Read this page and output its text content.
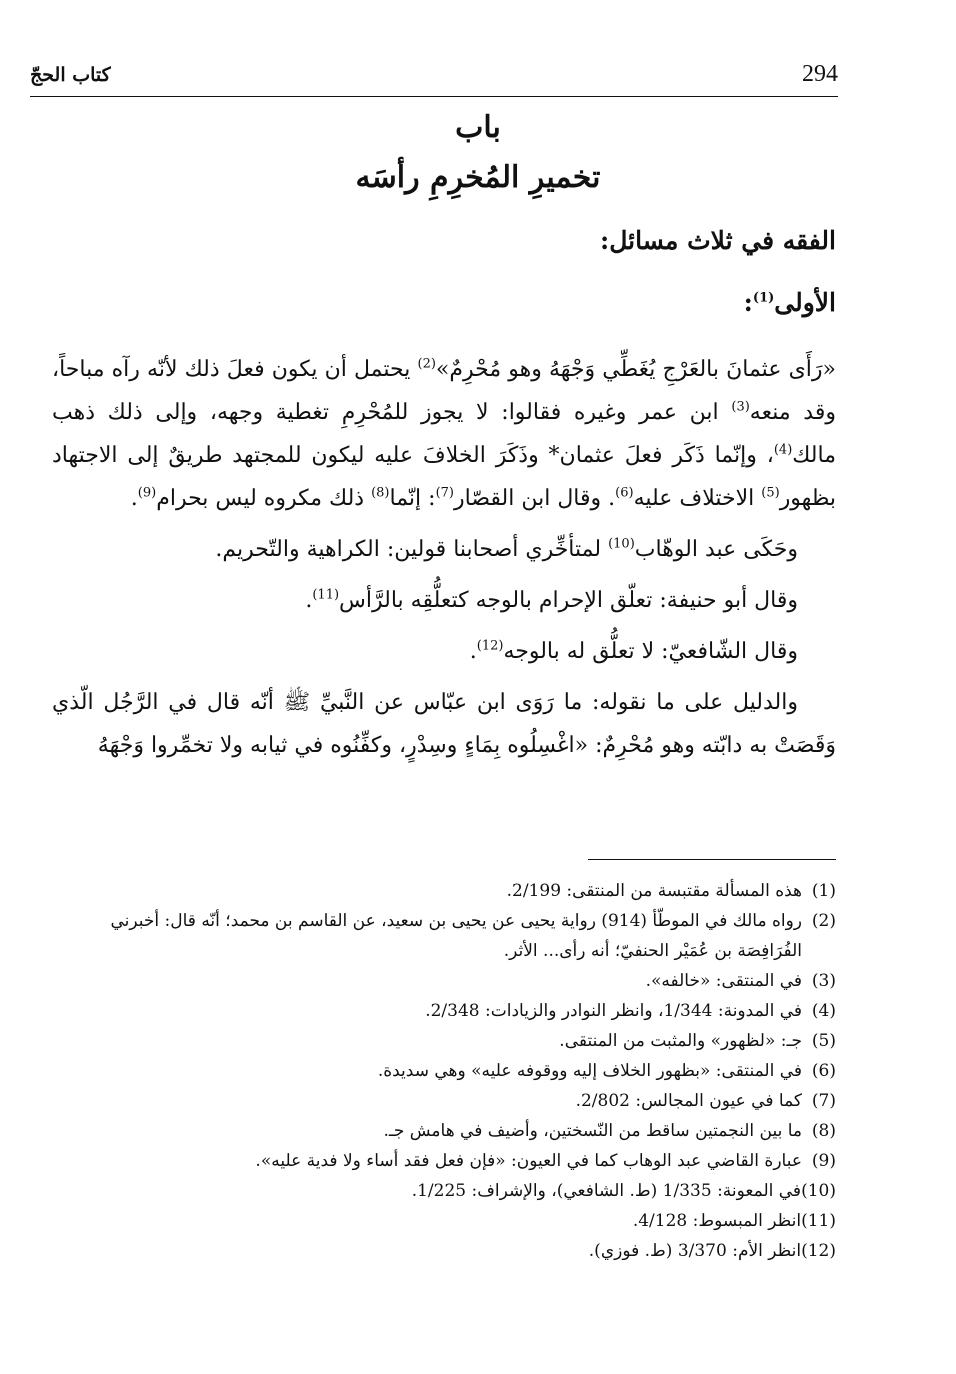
كتاب الحجّ	294
باب
تخميرِ المُخرِمِ رأسَه
الفقه في ثلاث مسائل:
الأولى$^{(1)}$:

«رَأَى عثمانَ بالعَرْجِ يُغَطِّي وَجْهَهُ وهو مُحْرِمٌ»$^{(2)}$ يحتمل أن يكون فعلَ ذلك لأنّه رآه مباحاً، وقد منعه$^{(3)}$ ابن عمر وغيره فقالوا: لا يجوز للمُحْرِمِ تغطية وجهه، وإلى ذلك ذهب مالك$^{(4)}$، وإنّما ذَكَر فعلَ عثمان* وذَكَرَ الخلافَ عليه ليكون للمجتهد طريقٌ إلى الاجتهاد بظهور$^{(5)}$ الاختلاف عليه$^{(6)}$. وقال ابن القصّار$^{(7)}$: إنّما$^{(8)}$ ذلك مكروه ليس بحرام$^{(9)}$.

وحَكَى عبد الوهّاب$^{(10)}$ لمتأخِّري أصحابنا قولين: الكراهية والتّحريم.

وقال أبو حنيفة: تعلّق الإحرام بالوجه كتعلُّقِه بالرَّأس$^{(11)}$.

وقال الشّافعيّ: لا تعلُّق له بالوجه$^{(12)}$.

والدليل على ما نقوله: ما رَوَى ابن عبّاس عن النَّبيِّ ﷺ أنّه قال في الرَّجُل الّذي وَقَصَتْ به دابّته وهو مُحْرِمٌ: «اغْسِلُوه بِمَاءٍ وسِدْرٍ، وكفِّنُوه في ثيابه ولا تخمِّروا وَجْهَهُ

(1)هذه المسألة مقتبسة من المنتقى: 2/199.
(2)رواه مالك في الموطّأ (914) رواية يحيى عن يحيى بن سعيد، عن القاسم بن محمد؛ أنّه قال: أخبرني
الفُرَافِصَة بن عُمَيْر الحنفيّ؛ أنه رأى... الأثر.
(3)في المنتقى: «خالفه».
(4)في المدونة: 1/344، وانظر النوادر والزيادات: 2/348.
(5)جـ: «لظهور» والمثبت من المنتقى.
(6)في المنتقى: «بظهور الخلاف إليه ووقوفه عليه» وهي سديدة.
(7)كما في عيون المجالس: 2/802.
(8)ما بين النجمتين ساقط من النّسختين، وأضيف في هامش جـ.
(9)عبارة القاضي عبد الوهاب كما في العيون: «فإن فعل فقد أساء ولا فدية عليه».
(10)في المعونة: 1/335 (ط. الشافعي)، والإشراف: 1/225.
(11)انظر المبسوط: 4/128.
(12)انظر الأم: 3/370 (ط. فوزي).
